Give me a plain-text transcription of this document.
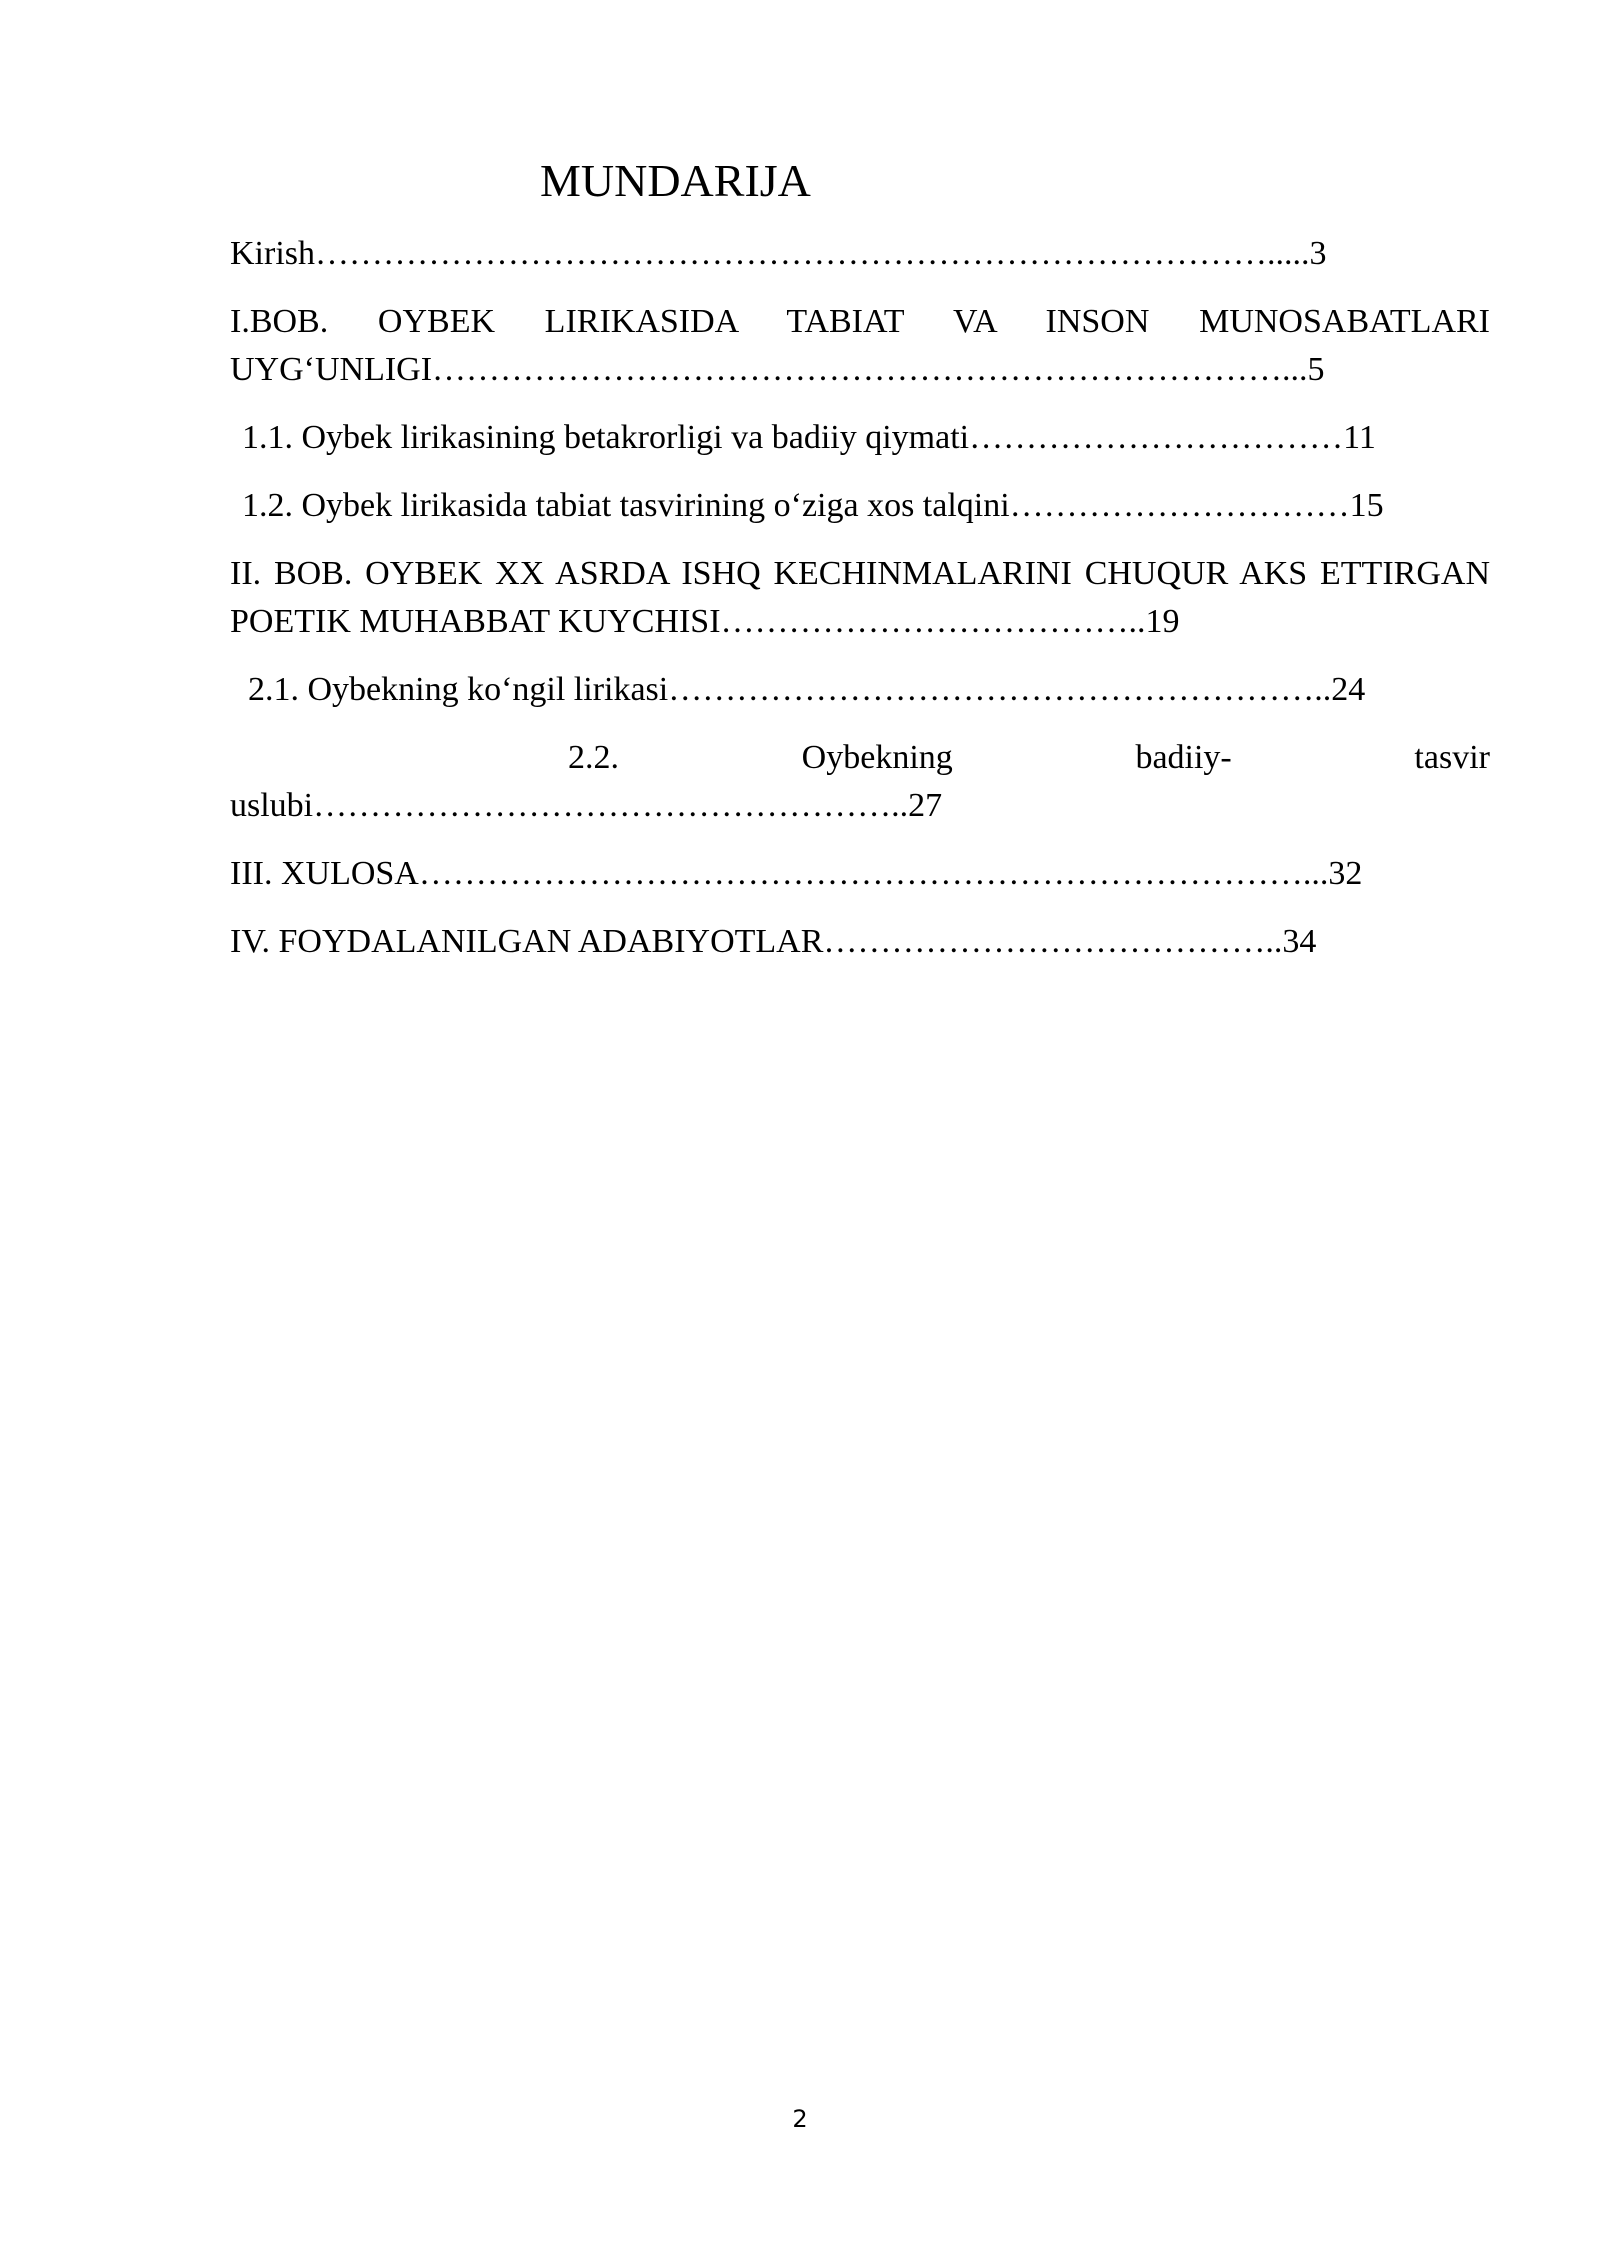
MUNDARIJA

Kirish………………………………………………………………………….....3

I.BOB. OYBEK LIRIKASIDA TABIAT VA INSON MUNOSABATLARI UYG‘UNLIGI…………………………………………………………………...5

1.1. Oybek lirikasining betakrorligi va badiiy qiymati……………………………11

1.2. Oybek lirikasida tabiat tasvirining o‘ziga xos talqini…………………………15

II. BOB. OYBEK XX ASRDA ISHQ KECHINMALARINI CHUQUR AKS ETTIRGAN POETIK MUHABBAT KUYCHISI………………………………..19

2.1. Oybekning ko‘ngil lirikasi…………………………………………………..24

2.2.	Oybekning	badiiy-	tasvir
uslubi……………………………………………..27

III. XULOSA……………………………………………………………………...32

IV. FOYDALANILGAN ADABIYOTLAR…………………………………..34

2
